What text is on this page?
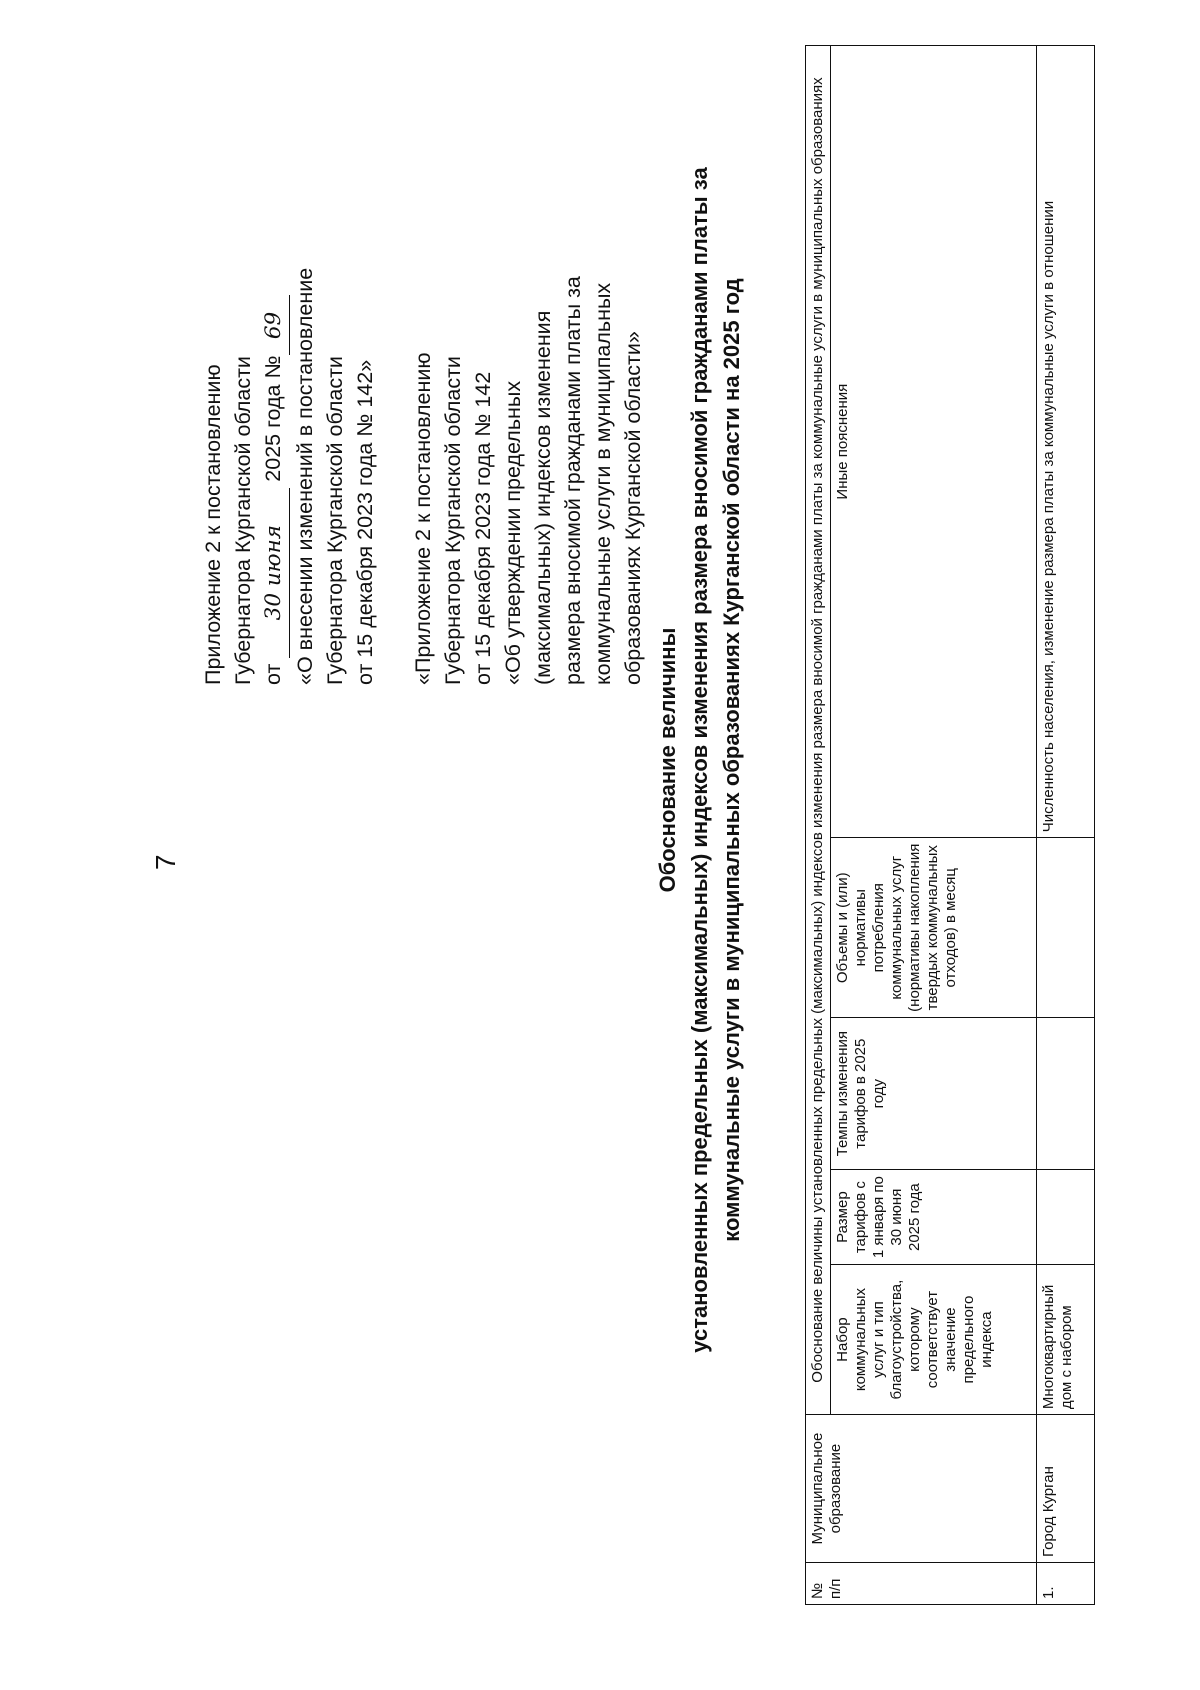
7
Приложение 2 к постановлению Губернатора Курганской области от 30 июня 2025 года №69 «О внесении изменений в постановление Губернатора Курганской области от 15 декабря 2023 года № 142» «Приложение 2 к постановлению Губернатора Курганской области от 15 декабря 2023 года № 142 «Об утверждении предельных (максимальных) индексов изменения размера вносимой гражданами платы за коммунальные услуги в муниципальных образованиях Курганской области»
Обоснование величины установленных предельных (максимальных) индексов изменения размера вносимой гражданами платы за коммунальные услуги в муниципальных образованиях Курганской области на 2025 год
№ п/п	Муниципальное образование	Обоснование величины установленных предельных (максимальных) индексов изменения размера вносимой гражданами платы за коммунальные услуги в муниципальных образованиях				
		Набор коммунальных услуг и тип благоустройства, которому соответствует значение предельного индекса	Размер тарифов с 1 января по 30 июня 2025 года	Темпы изменения тарифов в 2025 году	Объемы и (или) нормативы потребления коммунальных услуг (нормативы накопления твердых коммунальных отходов) в месяц	Иные пояснения
1.	Город Курган	Многоквартирный дом с набором				Численность населения, изменение размера платы за коммунальные услуги в отношении
